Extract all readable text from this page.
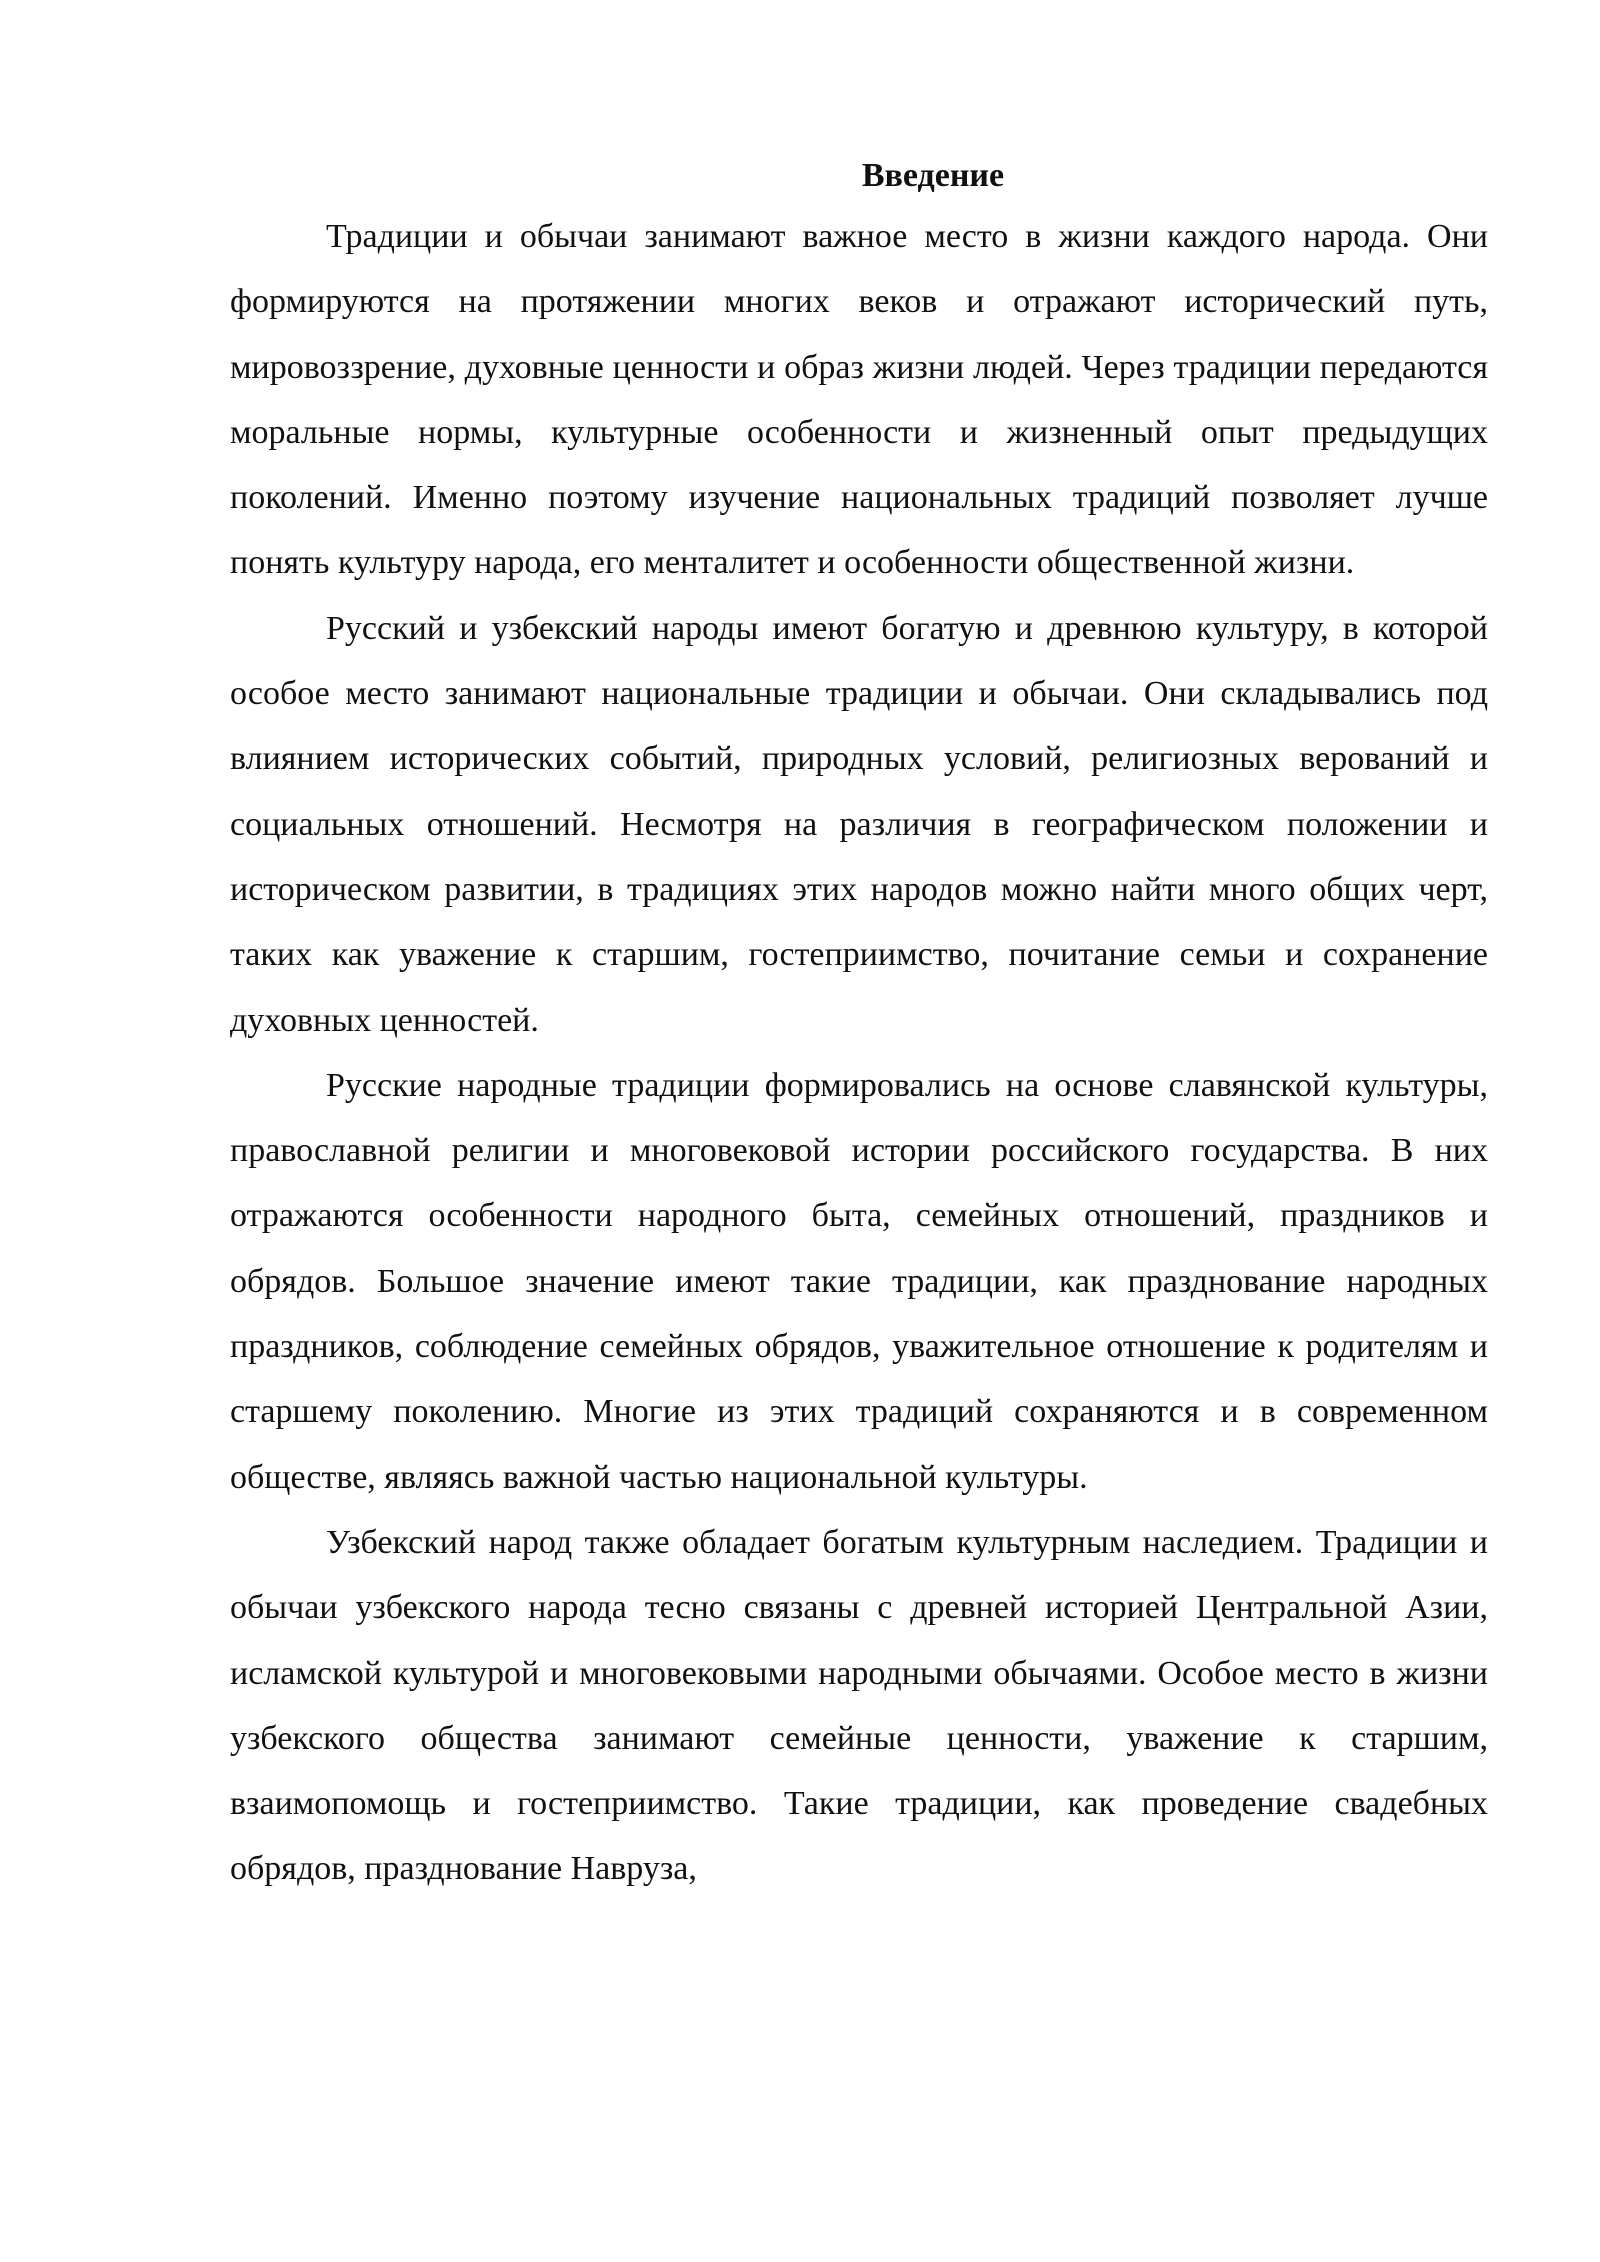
Введение

Традиции и обычаи занимают важное место в жизни каждого народа. Они формируются на протяжении многих веков и отражают исторический путь, мировоззрение, духовные ценности и образ жизни людей. Через традиции передаются моральные нормы, культурные особенности и жизненный опыт предыдущих поколений. Именно поэтому изучение национальных традиций позволяет лучше понять культуру народа, его менталитет и особенности общественной жизни.

Русский и узбекский народы имеют богатую и древнюю культуру, в которой особое место занимают национальные традиции и обычаи. Они складывались под влиянием исторических событий, природных условий, религиозных верований и социальных отношений. Несмотря на различия в географическом положении и историческом развитии, в традициях этих народов можно найти много общих черт, таких как уважение к старшим, гостеприимство, почитание семьи и сохранение духовных ценностей.

Русские народные традиции формировались на основе славянской культуры, православной религии и многовековой истории российского государства. В них отражаются особенности народного быта, семейных отношений, праздников и обрядов. Большое значение имеют такие традиции, как празднование народных праздников, соблюдение семейных обрядов, уважительное отношение к родителям и старшему поколению. Многие из этих традиций сохраняются и в современном обществе, являясь важной частью национальной культуры.

Узбекский народ также обладает богатым культурным наследием. Традиции и обычаи узбекского народа тесно связаны с древней историей Центральной Азии, исламской культурой и многовековыми народными обычаями. Особое место в жизни узбекского общества занимают семейные ценности, уважение к старшим, взаимопомощь и гостеприимство. Такие традиции, как проведение свадебных обрядов, празднование Навруза,
